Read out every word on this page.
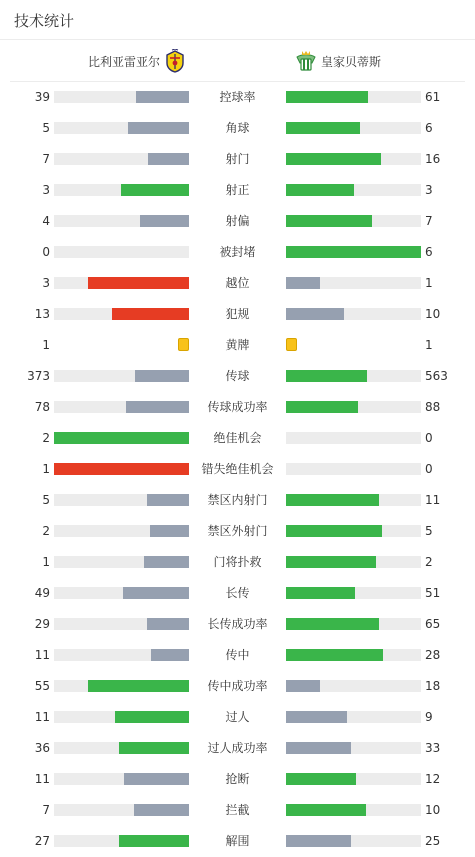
技术统计
比利亚雷亚尔	皇家贝蒂斯
39	控球率	61
5	角球	6
7	射门	16
3	射正	3
4	射偏	7
0	被封堵	6
3	越位	1
13	犯规	10
1	黄牌	1
373	传球	563
78	传球成功率	88
2	绝佳机会	0
1	错失绝佳机会	0
5	禁区内射门	11
2	禁区外射门	5
1	门将扑救	2
49	长传	51
29	长传成功率	65
11	传中	28
55	传中成功率	18
11	过人	9
36	过人成功率	33
11	抢断	12
7	拦截	10
27	解围	25
